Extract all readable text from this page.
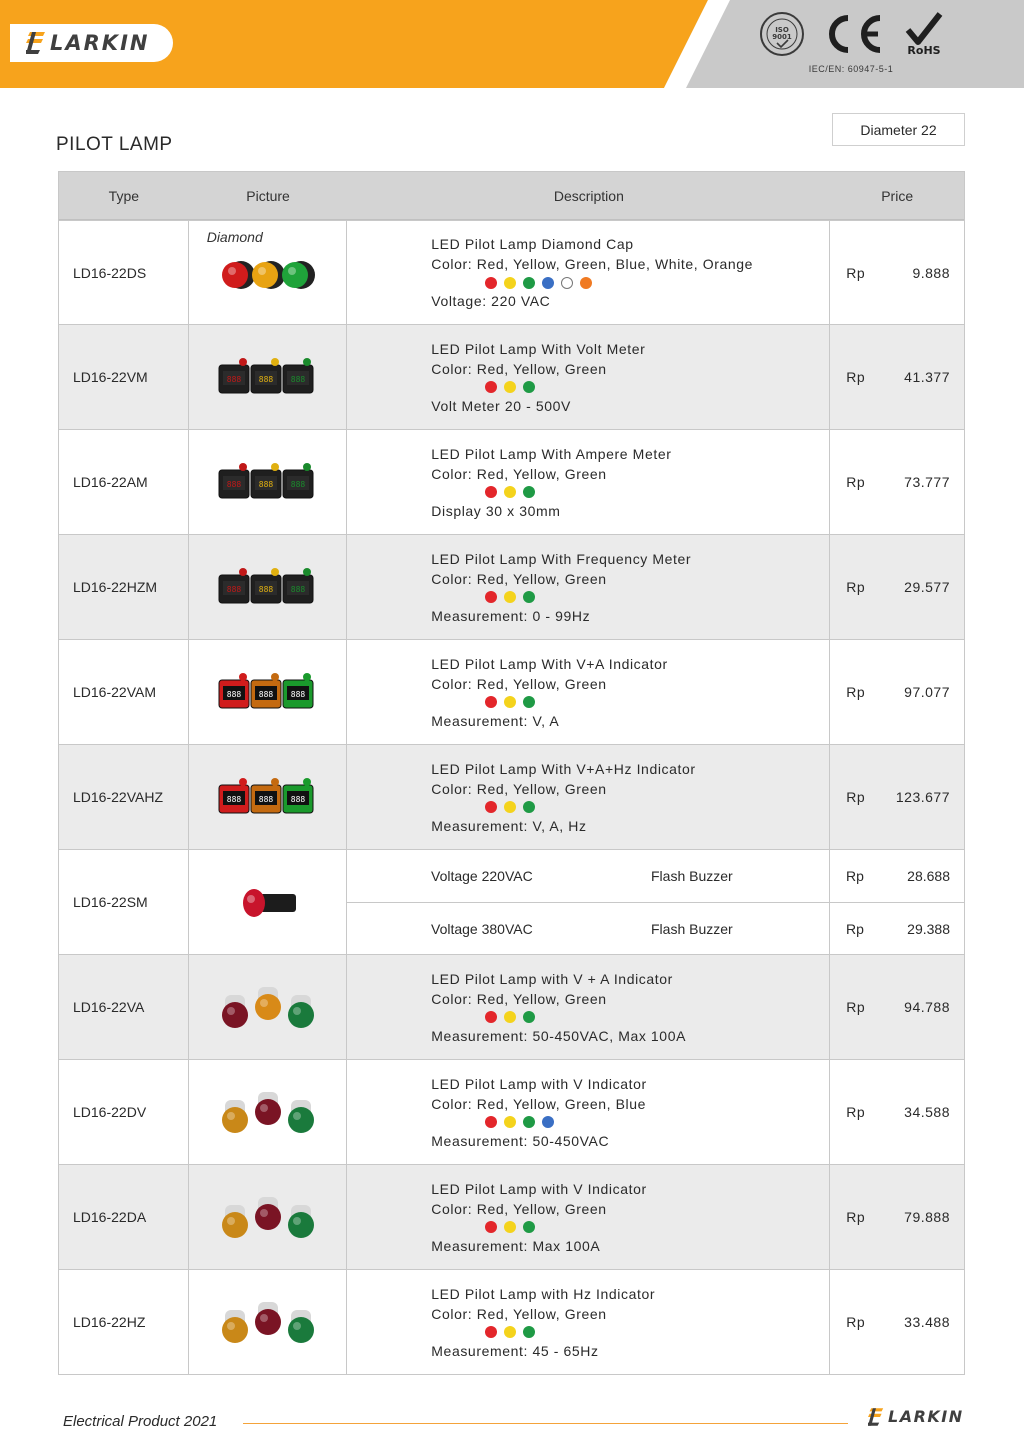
LARKIN
ISO
9001
RoHS
IEC/EN: 60947-5-1
PILOT LAMP
Diameter 22
Type	Picture	Description	Price
LD16-22DS
Diamond	LED Pilot Lamp Diamond Cap
Color: Red, Yellow, Green, Blue, White, Orange
Voltage: 220 VAC
Rp	9.888
LD16-22VM	888 888 888
LED Pilot Lamp With Volt Meter
Color: Red, Yellow, Green
Volt Meter 20 - 500V
Rp	41.377
LD16-22AM	888 888 888
LED Pilot Lamp With Ampere Meter
Color: Red, Yellow, Green
Display 30 x 30mm
Rp	73.777
LD16-22HZM	888 888 888
LED Pilot Lamp With Frequency Meter
Color: Red, Yellow, Green
Measurement: 0 - 99Hz
Rp	29.577
LD16-22VAM	888 888 888
LED Pilot Lamp With V+A Indicator
Color: Red, Yellow, Green
Measurement: V, A
Rp	97.077
LD16-22VAHZ	888 888 888
LED Pilot Lamp With V+A+Hz Indicator
Color: Red, Yellow, Green
Measurement: V, A, Hz
Rp 123.677
LD16-22SM
Voltage 220VAC	Flash Buzzer	Rp	28.688
Voltage 380VAC	Flash Buzzer	Rp	29.388
LD16-22VA
LED Pilot Lamp with V + A Indicator
Color: Red, Yellow, Green
Measurement: 50-450VAC, Max 100A
Rp	94.788
LD16-22DV
LED Pilot Lamp with V Indicator
Color: Red, Yellow, Green, Blue
Measurement: 50-450VAC
Rp	34.588
LD16-22DA
LED Pilot Lamp with V Indicator
Color: Red, Yellow, Green
Measurement: Max 100A
Rp	79.888
LD16-22HZ
LED Pilot Lamp with Hz Indicator
Color: Red, Yellow, Green
Measurement: 45 - 65Hz
Rp	33.488
Electrical Product 2021	LARKIN
